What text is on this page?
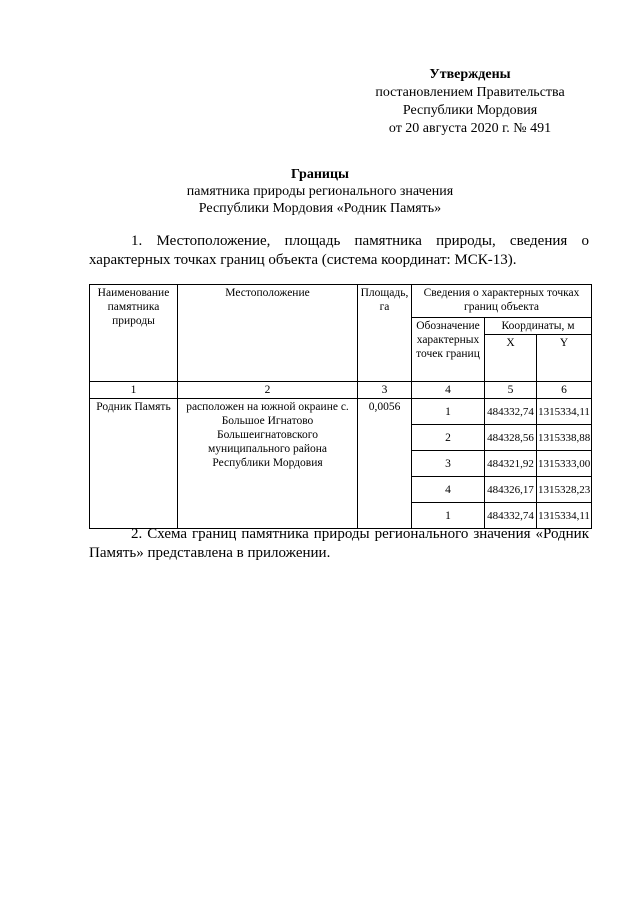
Утверждены
постановлением Правительства
Республики Мордовия
от 20 августа 2020 г. № 491
Границы
памятника природы регионального значения
Республики Мордовия «Родник Память»

1. Местоположение, площадь памятника природы, сведения о характерных точках границ объекта (система координат: МСК-13).

Наименование памятника природы	Местоположение	Площадь, га	Сведения о характерных точках границ объекта		
			Обозначение характерных точек границ	Координаты, м	
				X	Y
1	2	3	4	5	6
Родник Память	расположен на южной окраине с. Большое Игнатово Большеигнатовского муниципального района Республики Мордовия	0,0056	1	484332,74	1315334,11
			2	484328,56	1315338,88
			3	484321,92	1315333,00
			4	484326,17	1315328,23
			1	484332,74	1315334,11

2. Схема границ памятника природы регионального значения «Родник Память» представлена в приложении.
